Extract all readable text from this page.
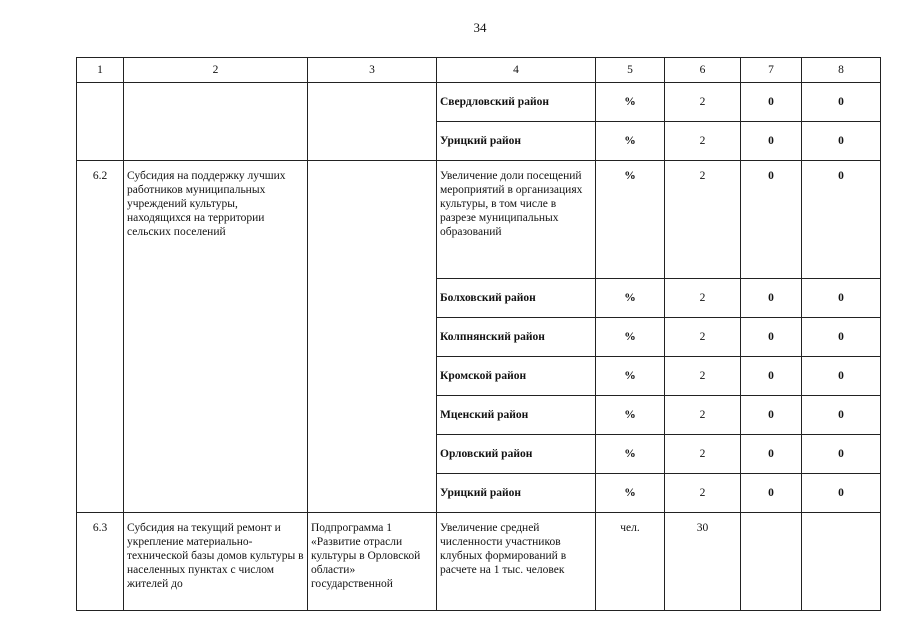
34
1	2	3	4	5	6	7	8
			Свердловский район	%	2	0	0
			Урицкий район	%	2	0	0
6.2	Субсидия на поддержку лучших работников муниципальных учреждений культуры, находящихся на территории сельских поселений		Увеличение доли посещений мероприятий в организациях культуры, в том числе в разрезе муниципальных образований	%	2	0	0
			Болховский район	%	2	0	0
			Колпнянский район	%	2	0	0
			Кромской район	%	2	0	0
			Мценский район	%	2	0	0
			Орловский район	%	2	0	0
			Урицкий район	%	2	0	0
6.3	Субсидия на текущий ремонт и укрепление материально-технической базы домов культуры в населенных пунктах с числом жителей до	Подпрограмма 1 «Развитие отрасли культуры в Орловской области» государственной	Увеличение средней численности участников клубных формирований в расчете на 1 тыс. человек	чел.	30		
